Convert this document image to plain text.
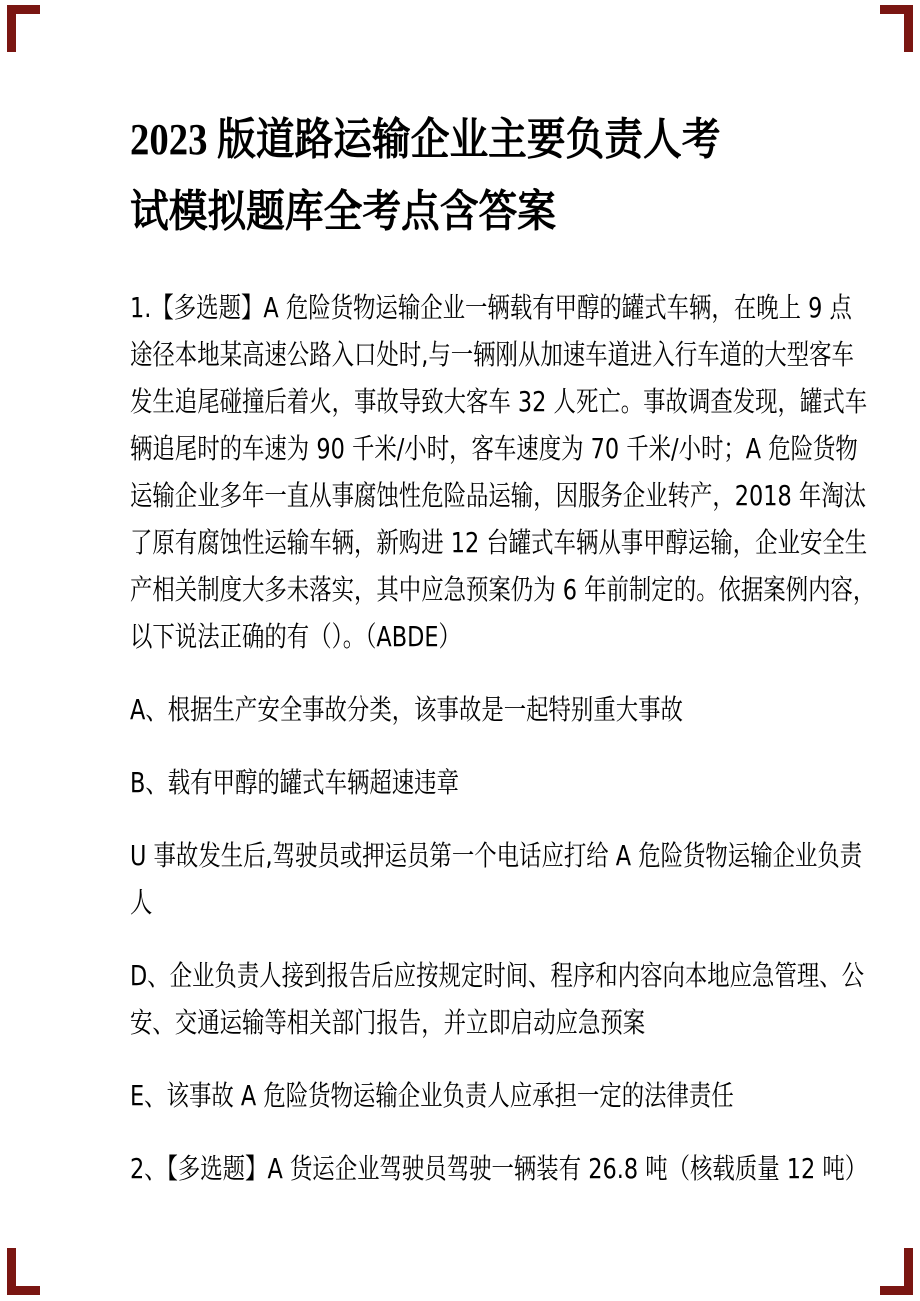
2023 版道路运输企业主要负责人考
试模拟题库全考点含答案
1.【多选题】A 危险货物运输企业一辆载有甲醇的罐式车辆，在晚上 9 点
途径本地某高速公路入口处时,与一辆刚从加速车道进入行车道的大型客车
发生追尾碰撞后着火，事故导致大客车 32 人死亡。事故调查发现，罐式车
辆追尾时的车速为 90 千米/小时，客车速度为 70 千米/小时；A 危险货物
运输企业多年一直从事腐蚀性危险品运输，因服务企业转产，2018 年淘汰
了原有腐蚀性运输车辆，新购进 12 台罐式车辆从事甲醇运输，企业安全生
产相关制度大多未落实，其中应急预案仍为 6 年前制定的。依据案例内容，
以下说法正确的有（）。（ABDE）
A、根据生产安全事故分类，该事故是一起特别重大事故
B、载有甲醇的罐式车辆超速违章
U 事故发生后,驾驶员或押运员第一个电话应打给 A 危险货物运输企业负责
人
D、企业负责人接到报告后应按规定时间、程序和内容向本地应急管理、公
安、交通运输等相关部门报告，并立即启动应急预案
E、该事故 A 危险货物运输企业负责人应承担一定的法律责任
2、【多选题】A 货运企业驾驶员驾驶一辆装有 26.8 吨（核载质量 12 吨）
